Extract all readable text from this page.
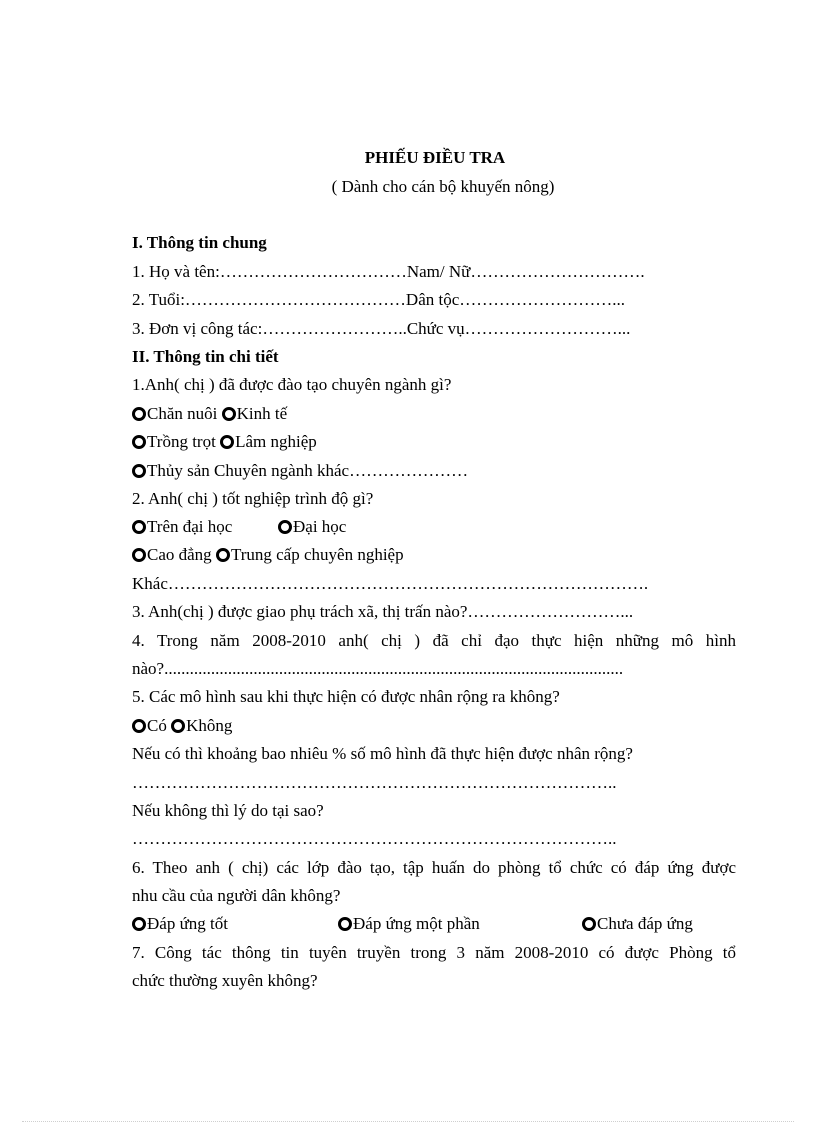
PHIẾU ĐIỀU TRA
( Dành cho cán bộ khuyến nông)
I. Thông tin chung
1. Họ và tên:……………………………Nam/ Nữ………………………….
2. Tuổi:…………………………………Dân tộc………………………...
3. Đơn vị công tác:……………………..Chức vụ………………………...
II. Thông tin chi tiết
1.Anh( chị ) đã được đào tạo chuyên ngành gì?
Chăn nuôi
Kinh tế
Trồng trọt
Lâm nghiệp
Thủy sản Chuyên ngành khác…………………
2. Anh( chị ) tốt nghiệp trình độ gì?
Trên đại học	Đại học
Cao đẳng
Trung cấp chuyên nghiệp
Khác………………………………………………………………………….
3. Anh(chị ) được giao phụ trách xã, thị trấn nào?………………………...
4. Trong năm 2008-2010 anh( chị ) đã chỉ đạo thực hiện những mô hình
nào?............................................................................................................
5. Các mô hình sau khi thực hiện có được nhân rộng ra không?
Có
Không
Nếu có thì khoảng bao nhiêu % số mô hình đã thực hiện được nhân rộng?
…………………………………………………………………………..
Nếu không thì lý do tại sao?
…………………………………………………………………………..
6. Theo anh ( chị) các lớp đào tạo, tập huấn do phòng tổ chức có đáp ứng được
nhu cầu của người dân không?
Đáp ứng tốt	Đáp ứng một phần	Chưa đáp ứng
7. Công tác thông tin tuyên truyền trong 3 năm 2008-2010 có được Phòng tổ
chức thường xuyên không?
